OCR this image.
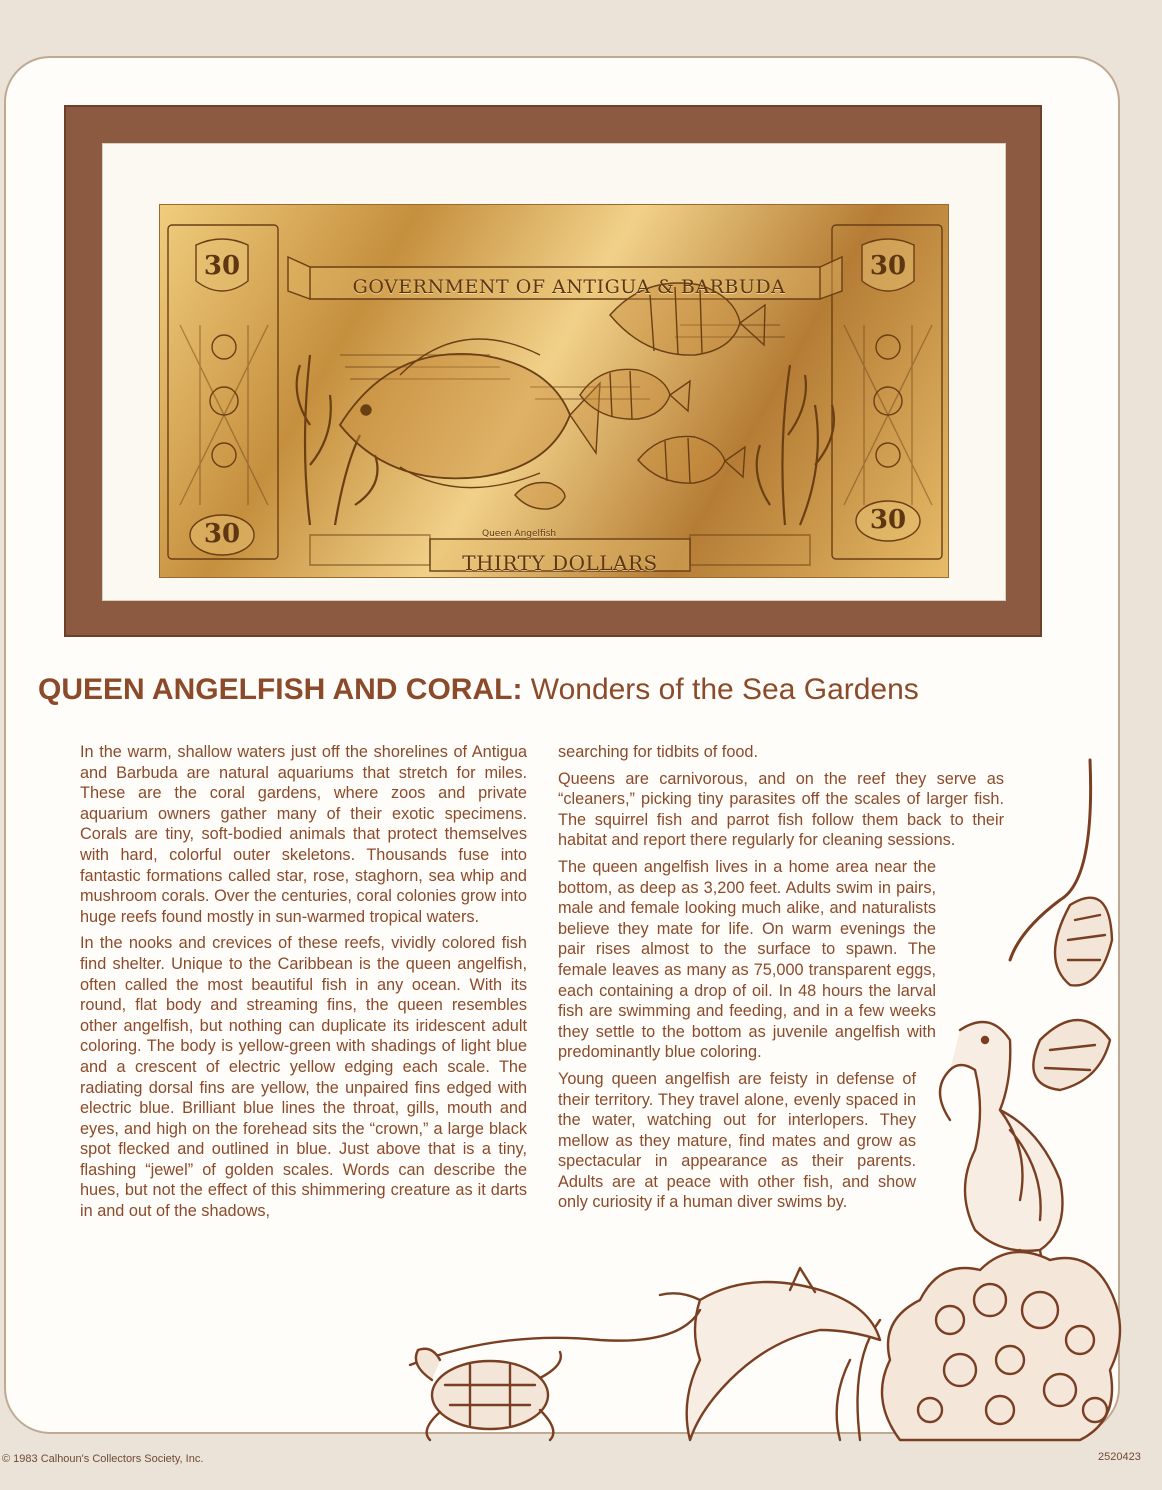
GOVERNMENT OF ANTIGUA & BARBUDA
30	30
30	30
Queen Angelfish
THIRTY DOLLARS
QUEEN ANGELFISH AND CORAL: Wonders of the Sea Gardens

In the warm, shallow waters just off the shorelines of Antigua and Barbuda are natural aquariums that stretch for miles. These are the coral gardens, where zoos and private aquarium owners gather many of their exotic specimens. Corals are tiny, soft-bodied animals that protect themselves with hard, colorful outer skeletons. Thousands fuse into fantastic formations called star, rose, staghorn, sea whip and mushroom corals. Over the centuries, coral colonies grow into huge reefs found mostly in sun-warmed tropical waters.

In the nooks and crevices of these reefs, vividly colored fish find shelter. Unique to the Caribbean is the queen angelfish, often called the most beautiful fish in any ocean. With its round, flat body and streaming fins, the queen resembles other angelfish, but nothing can duplicate its iridescent adult coloring. The body is yellow-green with shadings of light blue and a crescent of electric yellow edging each scale. The radiating dorsal fins are yellow, the unpaired fins edged with electric blue. Brilliant blue lines the throat, gills, mouth and eyes, and high on the forehead sits the “crown,” a large black spot flecked and outlined in blue. Just above that is a tiny, flashing “jewel” of golden scales. Words can describe the hues, but not the effect of this shimmering creature as it darts in and out of the shadows,

searching for tidbits of food.

Queens are carnivorous, and on the reef they serve as “cleaners,” picking tiny parasites off the scales of larger fish. The squirrel fish and parrot fish follow them back to their habitat and report there regularly for cleaning sessions.

The queen angelfish lives in a home area near the bottom, as deep as 3,200 feet. Adults swim in pairs, male and female looking much alike, and naturalists believe they mate for life. On warm evenings the pair rises almost to the surface to spawn. The female leaves as many as 75,000 transparent eggs, each containing a drop of oil. In 48 hours the larval fish are swimming and feeding, and in a few weeks they settle to the bottom as juvenile angelfish with predominantly blue coloring.

Young queen angelfish are feisty in defense of their territory. They travel alone, evenly spaced in the water, watching out for interlopers. They mellow as they mature, find mates and grow as spectacular in appearance as their parents. Adults are at peace with other fish, and show only curiosity if a human diver swims by.

© 1983 Calhoun's Collectors Society, Inc.	2520423
